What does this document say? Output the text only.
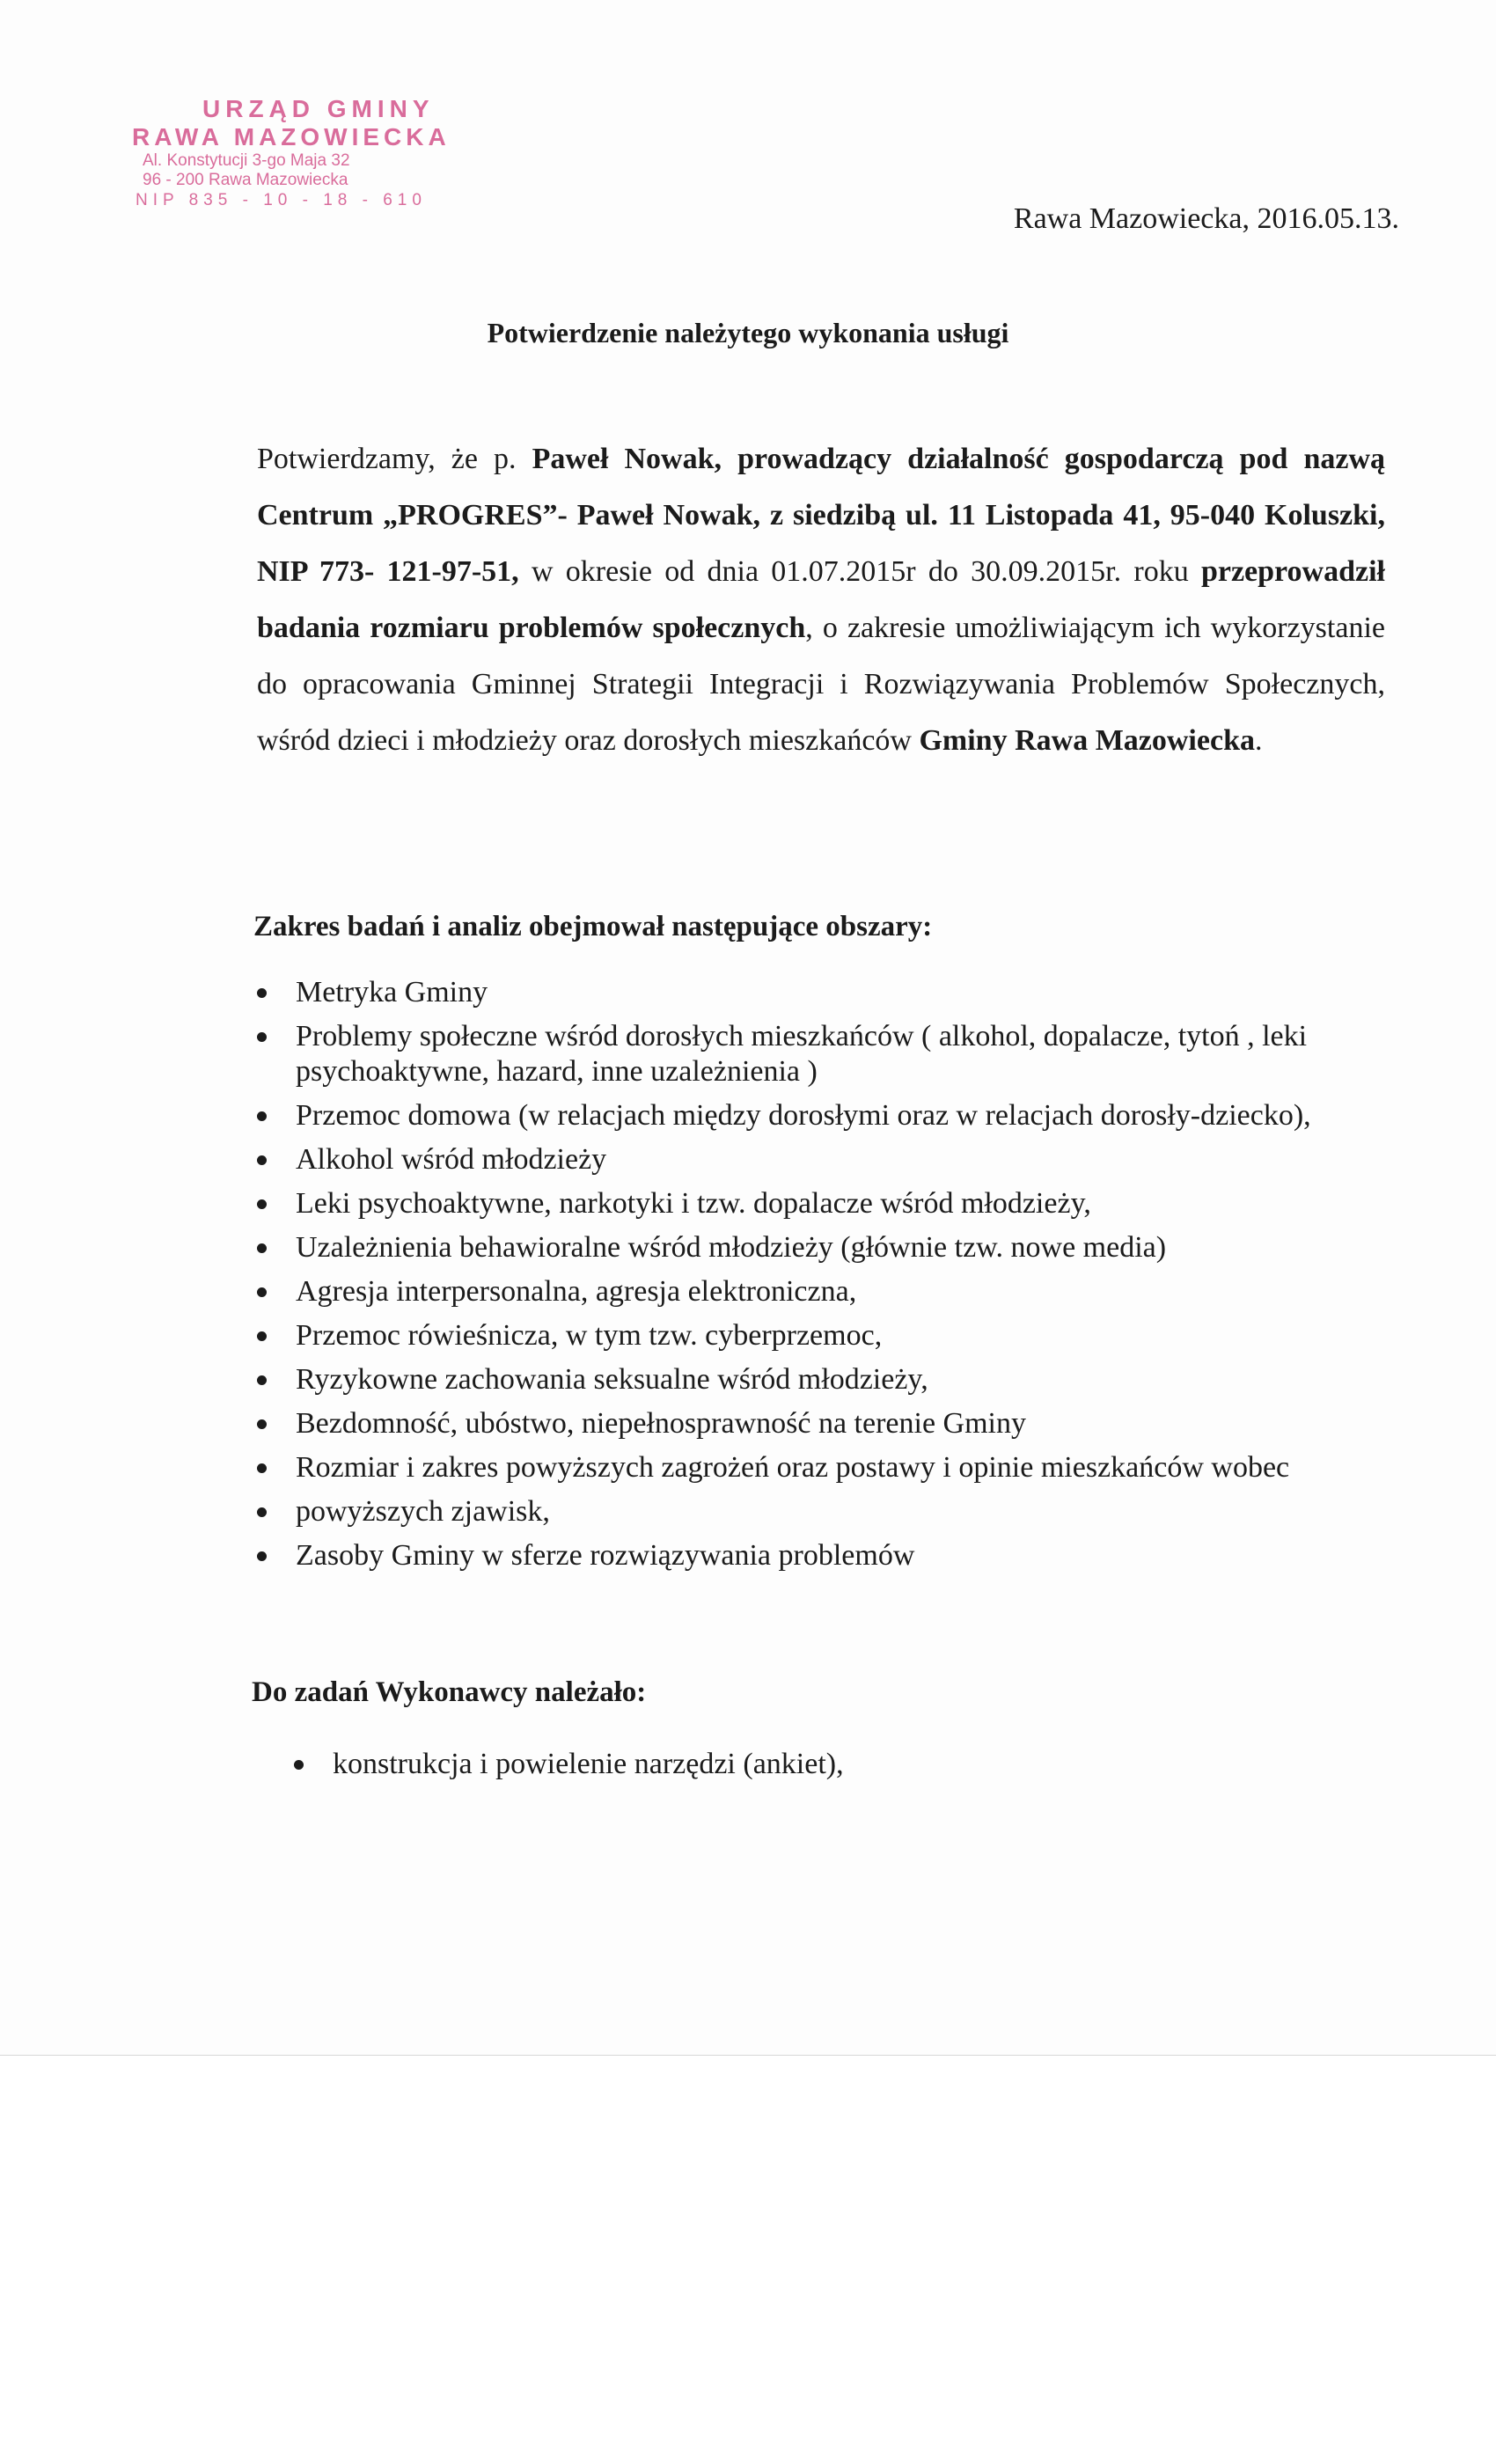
URZĄD GMINY
RAWA MAZOWIECKA
Al. Konstytucji 3-go Maja 32
96 - 200 Rawa Mazowiecka
NIP 835 - 10 - 18 - 610
Rawa Mazowiecka, 2016.05.13.
Potwierdzenie należytego wykonania usługi

Potwierdzamy, że p. Paweł Nowak, prowadzący działalność gospodarczą pod nazwą Centrum „PROGRES”- Paweł Nowak, z siedzibą ul. 11 Listopada 41, 95-040 Koluszki, NIP 773- 121-97-51, w okresie od dnia 01.07.2015r do 30.09.2015r. roku przeprowadził badania rozmiaru problemów społecznych, o zakresie umożliwiającym ich wykorzystanie do opracowania Gminnej Strategii Integracji i Rozwiązywania Problemów Społecznych, wśród dzieci i młodzieży oraz dorosłych mieszkańców Gminy Rawa Mazowiecka.

Zakres badań i analiz obejmował następujące obszary:
Metryka Gminy
Problemy społeczne wśród dorosłych mieszkańców ( alkohol, dopalacze, tytoń , leki psychoaktywne, hazard, inne uzależnienia )
Przemoc domowa (w relacjach między dorosłymi oraz w relacjach dorosły-dziecko),
Alkohol wśród młodzieży
Leki psychoaktywne, narkotyki i tzw. dopalacze wśród młodzieży,
Uzależnienia behawioralne wśród młodzieży (głównie tzw. nowe media)
Agresja interpersonalna, agresja elektroniczna,
Przemoc rówieśnicza, w tym tzw. cyberprzemoc,
Ryzykowne zachowania seksualne wśród młodzieży,
Bezdomność, ubóstwo, niepełnosprawność na terenie Gminy
Rozmiar i zakres powyższych zagrożeń oraz postawy i opinie mieszkańców wobec
powyższych zjawisk,
Zasoby Gminy w sferze rozwiązywania problemów
Do zadań Wykonawcy należało:
konstrukcja i powielenie narzędzi (ankiet),
